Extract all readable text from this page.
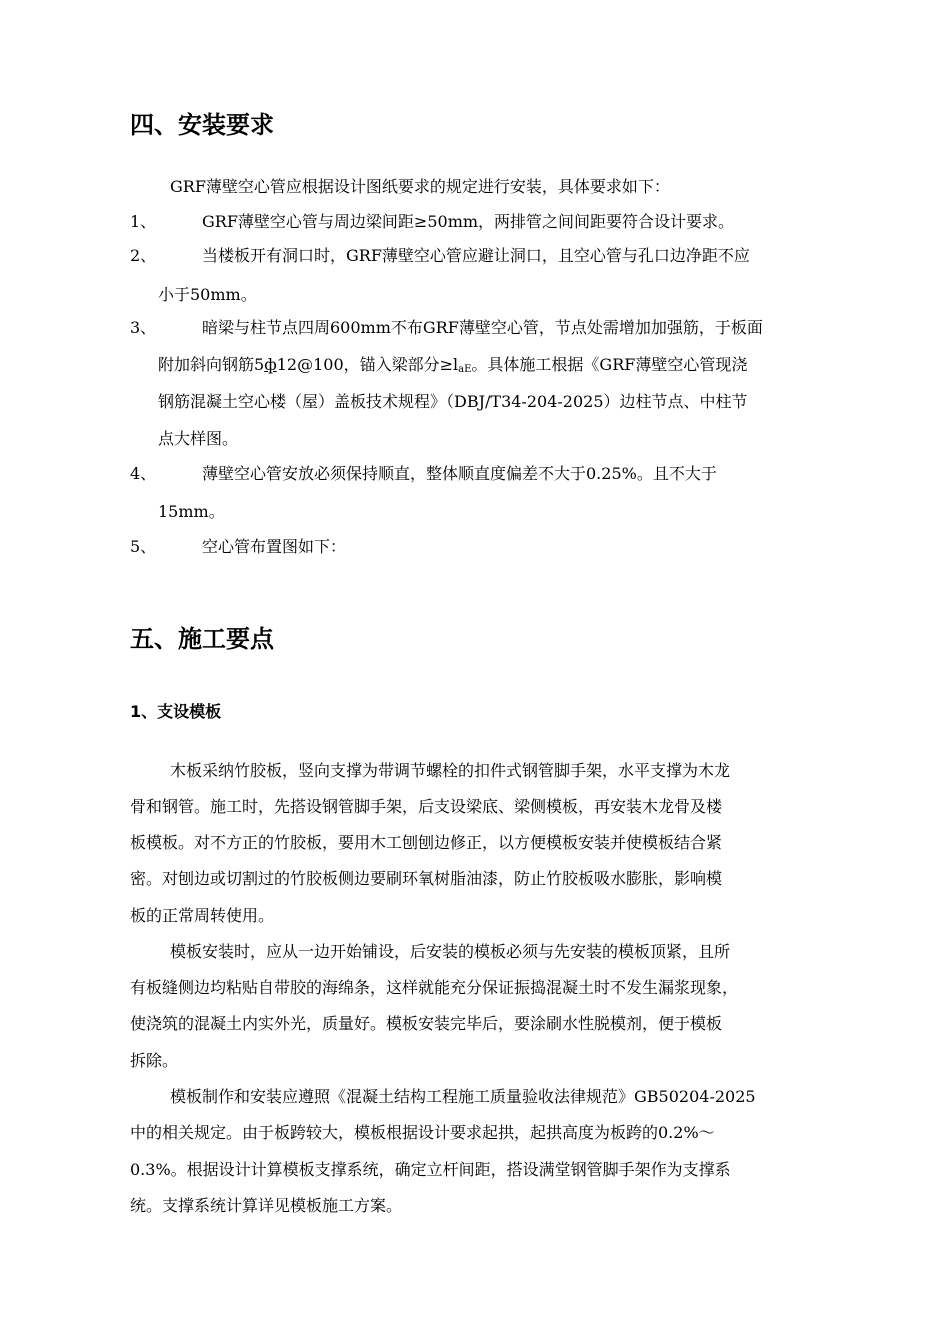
四、安装要求
GRF薄壁空心管应根据设计图纸要求的规定进行安装，具体要求如下：
1、	GRF薄壁空心管与周边梁间距≥50mm，两排管之间间距要符合设计要求。
2、	当楼板开有洞口时，GRF薄壁空心管应避让洞口，且空心管与孔口边净距不应
小于50mm。
3、	暗梁与柱节点四周600mm不布GRF薄壁空心管，节点处需增加加强筋，于板面
附加斜向钢筋5ф12@100，锚入梁部分$\ge l_{aE}$。具体施工根据《GRF薄壁空心管现浇
钢筋混凝土空心楼（屋）盖板技术规程》（DBJ/T34-204-2025）边柱节点、中柱节
点大样图。
4、	薄壁空心管安放必须保持顺直，整体顺直度偏差不大于0.25%。且不大于
15mm。
5、	空心管布置图如下：
五、施工要点
1、支设模板
木板采纳竹胶板，竖向支撑为带调节螺栓的扣件式钢管脚手架，水平支撑为木龙
骨和钢管。施工时，先搭设钢管脚手架，后支设梁底、梁侧模板，再安装木龙骨及楼
板模板。对不方正的竹胶板，要用木工刨刨边修正，以方便模板安装并使模板结合紧
密。对刨边或切割过的竹胶板侧边要刷环氧树脂油漆，防止竹胶板吸水膨胀，影响模
板的正常周转使用。
模板安装时，应从一边开始铺设，后安装的模板必须与先安装的模板顶紧，且所
有板缝侧边均粘贴自带胶的海绵条，这样就能充分保证振捣混凝土时不发生漏浆现象，
使浇筑的混凝土内实外光，质量好。模板安装完毕后，要涂刷水性脱模剂，便于模板
拆除。
模板制作和安装应遵照《混凝土结构工程施工质量验收法律规范》GB50204-2025
中的相关规定。由于板跨较大，模板根据设计要求起拱，起拱高度为板跨的0.2%～
0.3%。根据设计计算模板支撑系统，确定立杆间距，搭设满堂钢管脚手架作为支撑系
统。支撑系统计算详见模板施工方案。
